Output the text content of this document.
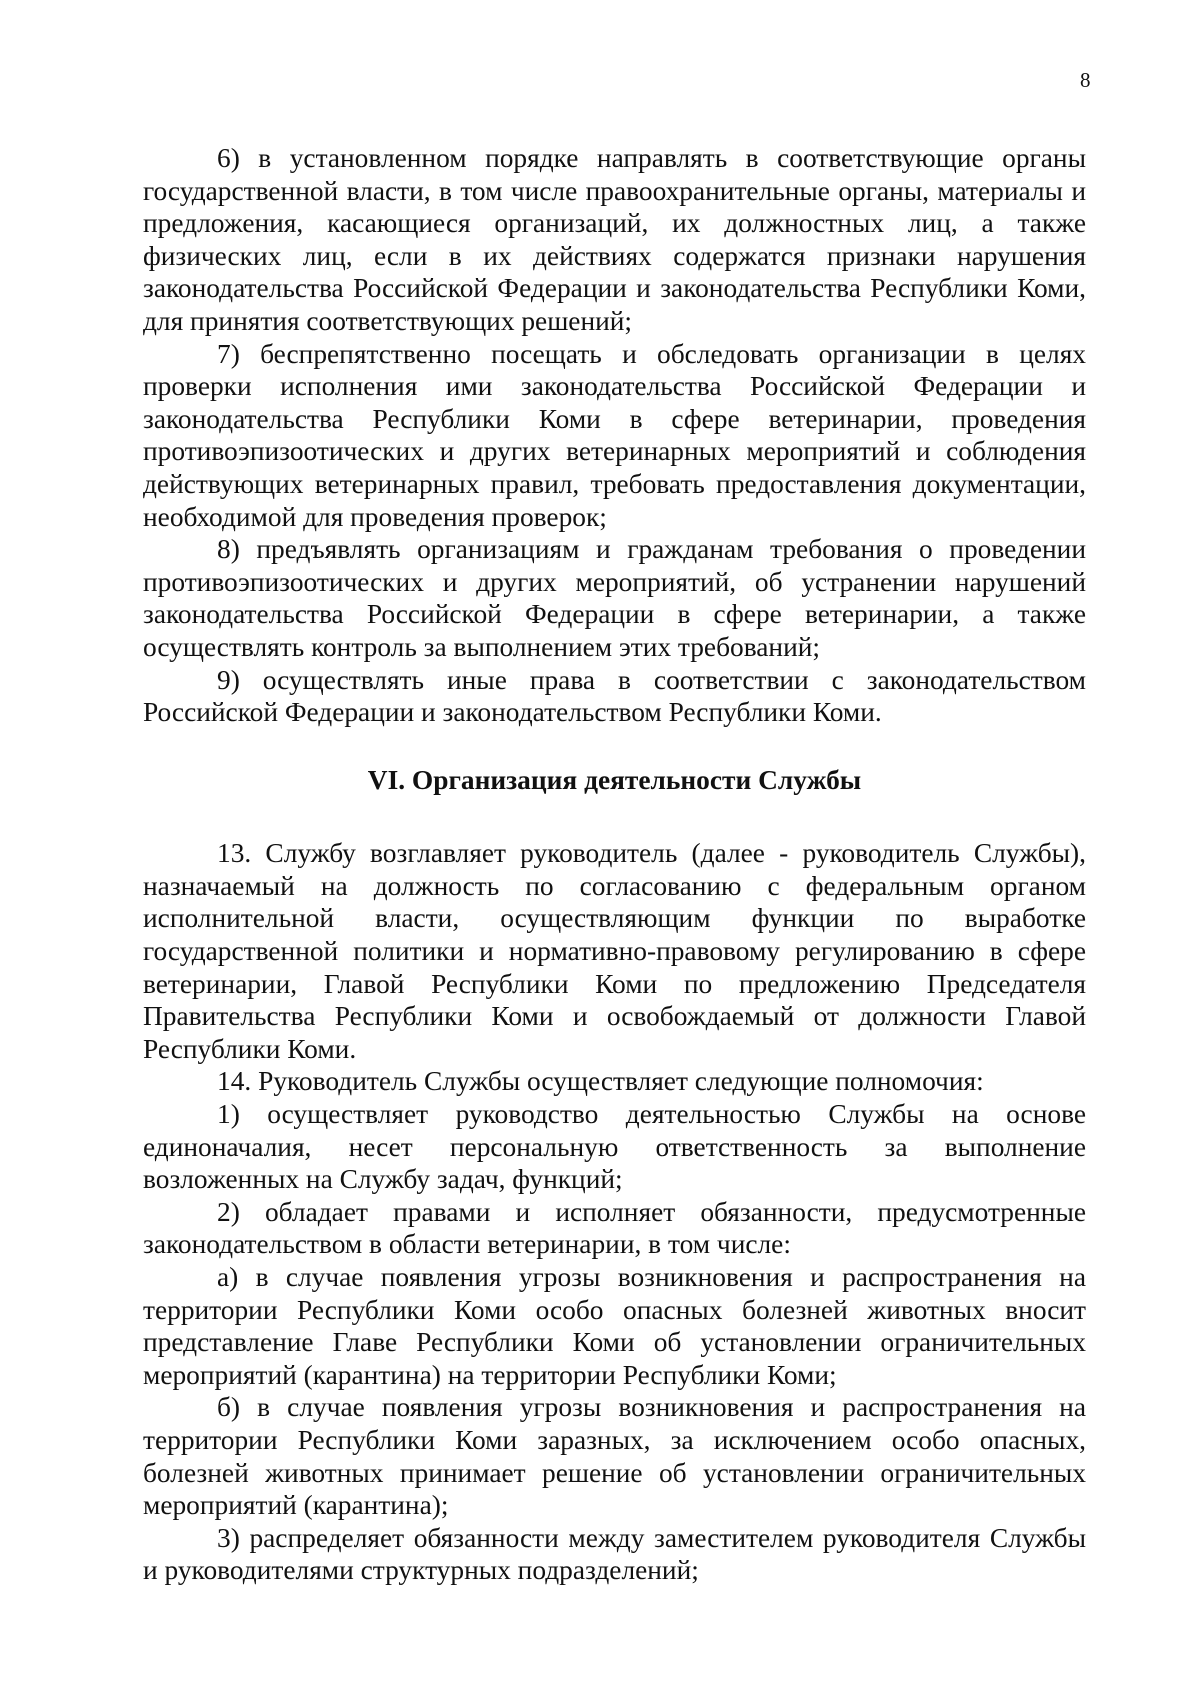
8

6) в установленном порядке направлять в соответствующие органы государственной власти, в том числе правоохранительные органы, материалы и предложения, касающиеся организаций, их должностных лиц, а также физических лиц, если в их действиях содержатся признаки нарушения законодательства Российской Федерации и законодательства Республики Коми, для принятия соответствующих решений;

7) беспрепятственно посещать и обследовать организации в целях проверки исполнения ими законодательства Российской Федерации и законодательства Республики Коми в сфере ветеринарии, проведения противоэпизоотических и других ветеринарных мероприятий и соблюдения действующих ветеринарных правил, требовать предоставления документации, необходимой для проведения проверок;

8) предъявлять организациям и гражданам требования о проведении противоэпизоотических и других мероприятий, об устранении нарушений законодательства Российской Федерации в сфере ветеринарии, а также осуществлять контроль за выполнением этих требований;

9) осуществлять иные права в соответствии с законодательством Российской Федерации и законодательством Республики Коми.

VI. Организация деятельности Службы

13. Службу возглавляет руководитель (далее - руководитель Службы), назначаемый на должность по согласованию с федеральным органом исполнительной власти, осуществляющим функции по выработке государственной политики и нормативно-правовому регулированию в сфере ветеринарии, Главой Республики Коми по предложению Председателя Правительства Республики Коми и освобождаемый от должности Главой Республики Коми.

14. Руководитель Службы осуществляет следующие полномочия:

1) осуществляет руководство деятельностью Службы на основе единоначалия, несет персональную ответственность за выполнение возложенных на Службу задач, функций;

2) обладает правами и исполняет обязанности, предусмотренные законодательством в области ветеринарии, в том числе:

а) в случае появления угрозы возникновения и распространения на территории Республики Коми особо опасных болезней животных вносит представление Главе Республики Коми об установлении ограничительных мероприятий (карантина) на территории Республики Коми;

б) в случае появления угрозы возникновения и распространения на территории Республики Коми заразных, за исключением особо опасных, болезней животных принимает решение об установлении ограничительных мероприятий (карантина);

3) распределяет обязанности между заместителем руководителя Службы и руководителями структурных подразделений;
